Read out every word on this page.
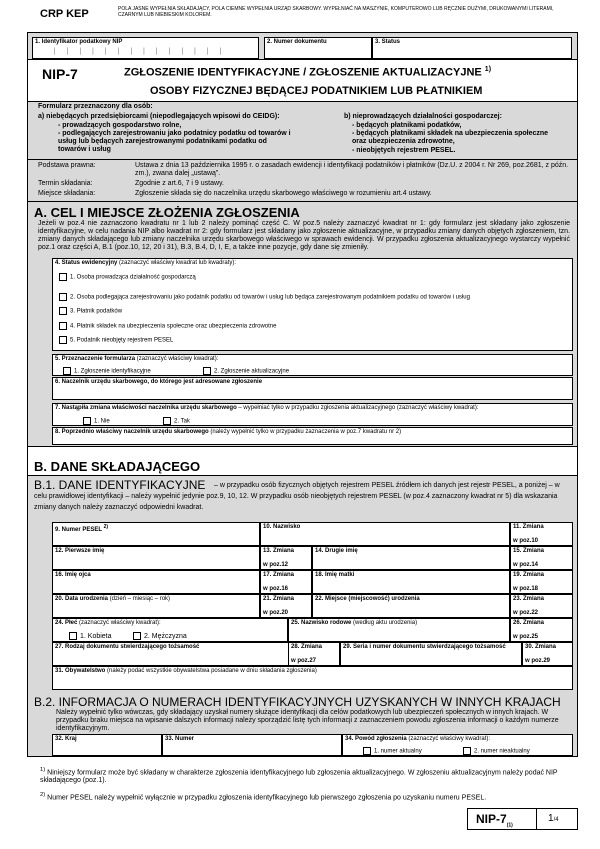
CRP KEP	POLA JASNE WYPEŁNIA SKŁADAJĄCY, POLA CIEMNE WYPEŁNIA URZĄD SKARBOWY. WYPEŁNIAĆ NA MASZYNIE, KOMPUTEROWO LUB RĘCZNIE DUŻYMI, DRUKOWANYMI LITERAMI, CZARNYM LUB NIEBIESKIM KOLOREM.
1. Identyfikator podatkowy NIP
││││││││││││││
2. Numer dokumentu	3. Status
NIP-7	ZGŁOSZENIE IDENTYFIKACYJNE / ZGŁOSZENIE AKTUALIZACYJNE $^{1)}$
OSOBY FIZYCZNEJ BĘDĄCEJ PODATNIKIEM LUB PŁATNIKIEM
Formularz przeznaczony dla osób:
a) niebędących przedsiębiorcami (niepodlegających wpisowi do CEIDG):
- prowadzących gospodarstwo rolne,
- podlegających zarejestrowaniu jako podatnicy podatku od towarów i usług lub będących zarejestrowanymi podatnikami podatku od towarów i usług
b) nieprowadzących działalności gospodarczej:
- będących płatnikami podatków,
- będących płatnikami składek na ubezpieczenia społeczne oraz ubezpieczenia zdrowotne,
- nieobjętych rejestrem PESEL.
Podstawa prawna:	Ustawa z dnia 13 października 1995 r. o zasadach ewidencji i identyfikacji podatników i płatników (Dz.U. z 2004 r. Nr 269, poz.2681, z późn. zm.), zwana dalej „ustawą”.
Termin składania:	Zgodnie z art.6, 7 i 9 ustawy.
Miejsce składania:	Zgłoszenie składa się do naczelnika urzędu skarbowego właściwego w rozumieniu art.4 ustawy.
A. CEL I MIEJSCE ZŁOŻENIA ZGŁOSZENIA
Jeżeli w poz.4 nie zaznaczono kwadratu nr 1 lub 2 należy pominąć część C. W poz.5 należy zaznaczyć kwadrat nr 1: gdy formularz jest składany jako zgłoszenie identyfikacyjne, w celu nadania NIP albo kwadrat nr 2: gdy formularz jest składany jako zgłoszenie aktualizacyjne, w przypadku zmiany danych objętych zgłoszeniem, tzn. zmiany danych składającego lub zmiany naczelnika urzędu skarbowego właściwego w sprawach ewidencji. W przypadku zgłoszenia aktualizacyjnego wystarczy wypełnić poz.1 oraz części A, B.1 (poz.10, 12, 20 i 31), B.3, B.4, D, I, E, a także inne pozycje, gdy dane się zmieniły.
4. Status ewidencyjny (zaznaczyć właściwy kwadrat lub kwadraty):
1. Osoba prowadząca działalność gospodarczą
2. Osoba podlegająca zarejestrowaniu jako podatnik podatku od towarów i usług lub będąca zarejestrowanym podatnikiem podatku od towarów i usług
3. Płatnik podatków
4. Płatnik składek na ubezpieczenia społeczne oraz ubezpieczenia zdrowotne
5. Podatnik nieobjęty rejestrem PESEL
5. Przeznaczenie formularza (zaznaczyć właściwy kwadrat):
1. Zgłoszenie identyfikacyjne	2. Zgłoszenie aktualizacyjne
6. Naczelnik urzędu skarbowego, do którego jest adresowane zgłoszenie
7. Nastąpiła zmiana właściwości naczelnika urzędu skarbowego – wypełniać tylko w przypadku zgłoszenia aktualizacyjnego (zaznaczyć właściwy kwadrat):
1. Nie	2. Tak
8. Poprzednio właściwy naczelnik urzędu skarbowego (należy wypełnić tylko w przypadku zaznaczenia w poz.7 kwadratu nr 2)
B. DANE SKŁADAJĄCEGO
B.1. DANE IDENTYFIKACYJNE	– w przypadku osób fizycznych objętych rejestrem PESEL źródłem ich danych jest rejestr PESEL, a poniżej – w celu prawidłowej identyfikacji – należy wypełnić jedynie poz.9, 10, 12. W przypadku osób nieobjętych rejestrem PESEL (w poz.4 zaznaczony kwadrat nr 5) dla wskazania zmiany danych należy zaznaczyć odpowiedni kwadrat.
9. Numer PESEL $^{2)}$	10. Nazwisko	11. Zmiana
w poz.10
12. Pierwsze imię	13. Zmiana
w poz.12
14. Drugie imię	15. Zmiana
w poz.14
16. Imię ojca	17. Zmiana
w poz.16
18. Imię matki	19. Zmiana
w poz.18
20. Data urodzenia (dzień – miesiąc – rok)	21. Zmiana
w poz.20
22. Miejsce (miejscowość) urodzenia	23. Zmiana
w poz.22
24. Płeć (zaznaczyć właściwy kwadrat):
1. Kobieta	2. Mężczyzna
25. Nazwisko rodowe (według aktu urodzenia)	26. Zmiana
w poz.25
27. Rodzaj dokumentu stwierdzającego tożsamość	28. Zmiana
w poz.27
29. Seria i numer dokumentu stwierdzającego tożsamość	30. Zmiana
w poz.29
31. Obywatelstwo (należy podać wszystkie obywatelstwa posiadane w dniu składania zgłoszenia)
B.2. INFORMACJA O NUMERACH IDENTYFIKACYJNYCH UZYSKANYCH W INNYCH KRAJACH
Należy wypełnić tylko wówczas, gdy składający uzyskał numery służące identyfikacji dla celów podatkowych lub ubezpieczeń społecznych w innych krajach. W przypadku braku miejsca na wpisanie dalszych informacji należy sporządzić listę tych informacji z zaznaczeniem powodu zgłoszenia informacji o każdym numerze identyfikacyjnym.
32. Kraj	33. Numer	34. Powód zgłoszenia (zaznaczyć właściwy kwadrat):
1. numer aktualny	2. numer nieaktualny
$^{1)}$ Niniejszy formularz może być składany w charakterze zgłoszenia identyfikacyjnego lub zgłoszenia aktualizacyjnego. W zgłoszeniu aktualizacyjnym należy podać NIP składającego (poz.1).
$^{2)}$ Numer PESEL należy wypełnić wyłącznie w przypadku zgłoszenia identyfikacyjnego lub pierwszego zgłoszenia po uzyskaniu numeru PESEL.
NIP-$7_{(1)}$
1/4
